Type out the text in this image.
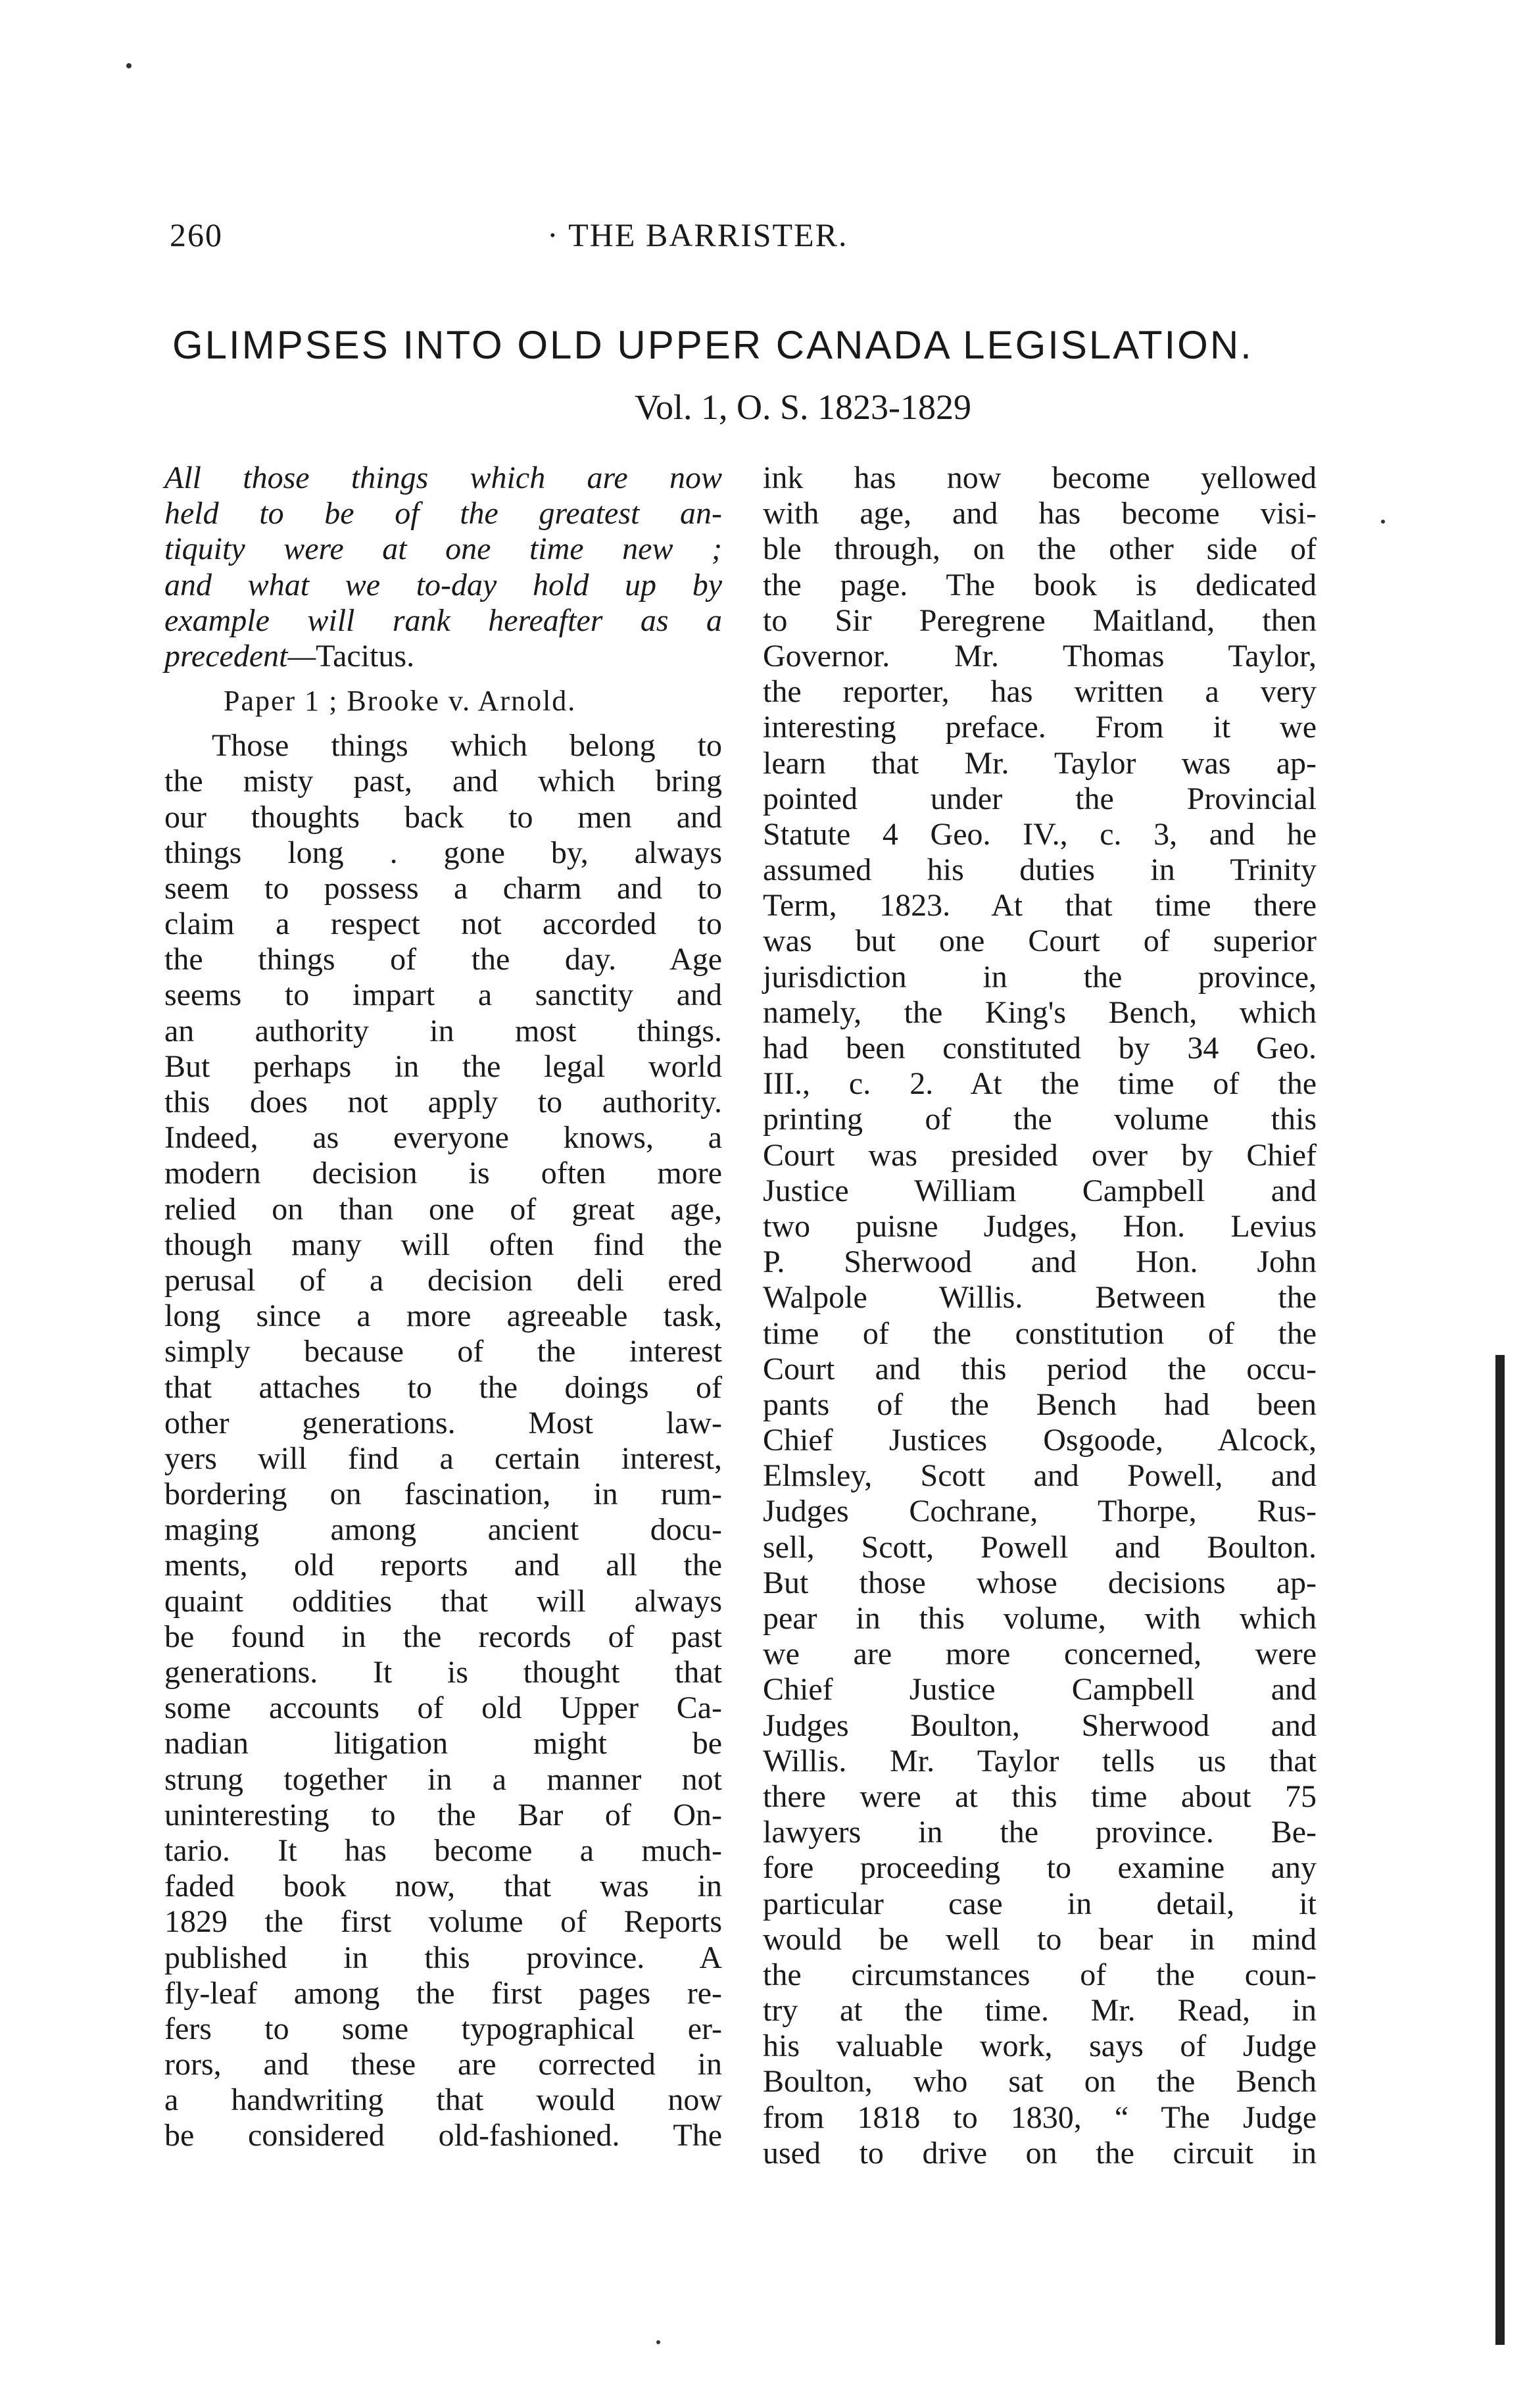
260	· THE BARRISTER.
GLIMPSES INTO OLD UPPER CANADA LEGISLATION.
Vol. 1, O. S. 1823-1829
All those things which are now
held to be of the greatest an-
tiquity were at one time new ;
and what we to-day hold up by
example will rank hereafter as a
precedent—Tacitus.
Paper 1 ; Brooke v. Arnold.
Those things which belong to
the misty past, and which bring
our thoughts back to men and
things long . gone by, always
seem to possess a charm and to
claim a respect not accorded to
the things of the day. Age
seems to impart a sanctity and
an authority in most things.
But perhaps in the legal world
this does not apply to authority.
Indeed, as everyone knows, a
modern decision is often more
relied on than one of great age,
though many will often find the
perusal of a decision deli ered
long since a more agreeable task,
simply because of the interest
that attaches to the doings of
other generations. Most law-
yers will find a certain interest,
bordering on fascination, in rum-
maging among ancient docu-
ments, old reports and all the
quaint oddities that will always
be found in the records of past
generations. It is thought that
some accounts of old Upper Ca-
nadian litigation might be
strung together in a manner not
uninteresting to the Bar of On-
tario. It has become a much-
faded book now, that was in
1829 the first volume of Reports
published in this province. A
fly-leaf among the first pages re-
fers to some typographical er-
rors, and these are corrected in
a handwriting that would now
be considered old-fashioned. The
ink has now become yellowed
with age, and has become visi-
ble through, on the other side of
the page. The book is dedicated
to Sir Peregrene Maitland, then
Governor. Mr. Thomas Taylor,
the reporter, has written a very
interesting preface. From it we
learn that Mr. Taylor was ap-
pointed under the Provincial
Statute 4 Geo. IV., c. 3, and he
assumed his duties in Trinity
Term, 1823. At that time there
was but one Court of superior
jurisdiction in the province,
namely, the King's Bench, which
had been constituted by 34 Geo.
III., c. 2. At the time of the
printing of the volume this
Court was presided over by Chief
Justice William Campbell and
two puisne Judges, Hon. Levius
P. Sherwood and Hon. John
Walpole Willis. Between the
time of the constitution of the
Court and this period the occu-
pants of the Bench had been
Chief Justices Osgoode, Alcock,
Elmsley, Scott and Powell, and
Judges Cochrane, Thorpe, Rus-
sell, Scott, Powell and Boulton.
But those whose decisions ap-
pear in this volume, with which
we are more concerned, were
Chief Justice Campbell and
Judges Boulton, Sherwood and
Willis. Mr. Taylor tells us that
there were at this time about 75
lawyers in the province. Be-
fore proceeding to examine any
particular case in detail, it
would be well to bear in mind
the circumstances of the coun-
try at the time. Mr. Read, in
his valuable work, says of Judge
Boulton, who sat on the Bench
from 1818 to 1830, “ The Judge
used to drive on the circuit in
